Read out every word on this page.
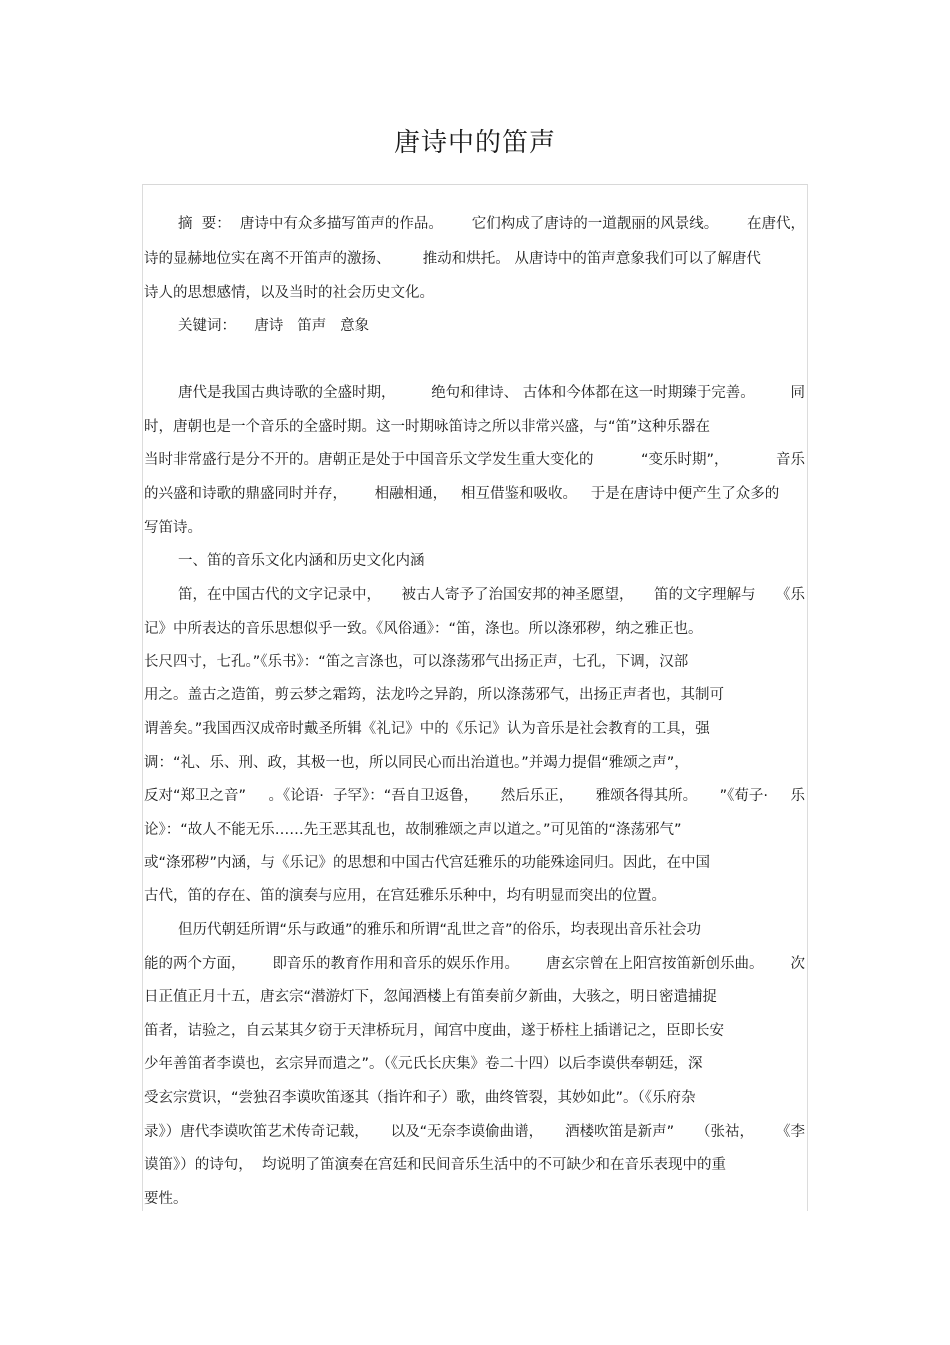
唐诗中的笛声
摘  要：  唐诗中有众多描写笛声的作品。 它们构成了唐诗的一道靓丽的风景线。 在唐代，
诗的显赫地位实在离不开笛声的激扬、       推动和烘托。 从唐诗中的笛声意象我们可以了解唐代
诗人的思想感情，以及当时的社会历史文化。
关键词：    唐诗   笛声   意象
唐代是我国古典诗歌的全盛时期， 绝句和律诗、 古体和今体都在这一时期臻于完善。 同
时，唐朝也是一个音乐的全盛时期。这一时期咏笛诗之所以非常兴盛，与“笛”这种乐器在
当时非常盛行是分不开的。唐朝正是处于中国音乐文学发生重大变化的	“变乐时期”，	音乐
的兴盛和诗歌的鼎盛同时并存，      相融相通，   相互借鉴和吸收。   于是在唐诗中便产生了众多的
写笛诗。
一、笛的音乐文化内涵和历史文化内涵
笛，在中国古代的文字记录中， 被古人寄予了治国安邦的神圣愿望， 笛的文字理解与 《乐
记》中所表达的音乐思想似乎一致。《风俗通》：“笛，涤也。所以涤邪秽，纳之雅正也。
长尺四寸，七孔。”《乐书》：“笛之言涤也，可以涤荡邪气出扬正声，七孔，下调，汉部
用之。盖古之造笛，剪云梦之霜筠，法龙吟之异韵，所以涤荡邪气，出扬正声者也，其制可
谓善矣。”我国西汉成帝时戴圣所辑《礼记》中的《乐记》认为音乐是社会教育的工具，强
调：“礼、乐、刑、政，其极一也，所以同民心而出治道也。”并竭力提倡“雅颂之声”，
反对“郑卫之音” 。《论语·  子罕》：“吾自卫返鲁， 然后乐正， 雅颂各得其所。 ”《荀子· 乐
论》：“故人不能无乐……先王恶其乱也，故制雅颂之声以道之。”可见笛的“涤荡邪气”
或“涤邪秽”内涵，与《乐记》的思想和中国古代宫廷雅乐的功能殊途同归。因此，在中国
古代，笛的存在、笛的演奏与应用，在宫廷雅乐乐种中，均有明显而突出的位置。
但历代朝廷所谓“乐与政通”的雅乐和所谓“乱世之音”的俗乐，均表现出音乐社会功
能的两个方面， 即音乐的教育作用和音乐的娱乐作用。 唐玄宗曾在上阳宫按笛新创乐曲。 次
日正值正月十五，唐玄宗“潜游灯下，忽闻酒楼上有笛奏前夕新曲，大骇之，明日密遣捕捉
笛者，诘验之，自云某其夕窃于天津桥玩月，闻宫中度曲，遂于桥柱上插谱记之，臣即长安
少年善笛者李谟也，玄宗异而遣之”。（《元氏长庆集》卷二十四）以后李谟供奉朝廷，深
受玄宗赏识，“尝独召李谟吹笛逐其（指许和子）歌，曲终管裂，其妙如此”。（《乐府杂
录》）唐代李谟吹笛艺术传奇记载， 以及“无奈李谟偷曲谱， 酒楼吹笛是新声” （张祜， 《李
谟笛》）的诗句，  均说明了笛演奏在宫廷和民间音乐生活中的不可缺少和在音乐表现中的重
要性。
